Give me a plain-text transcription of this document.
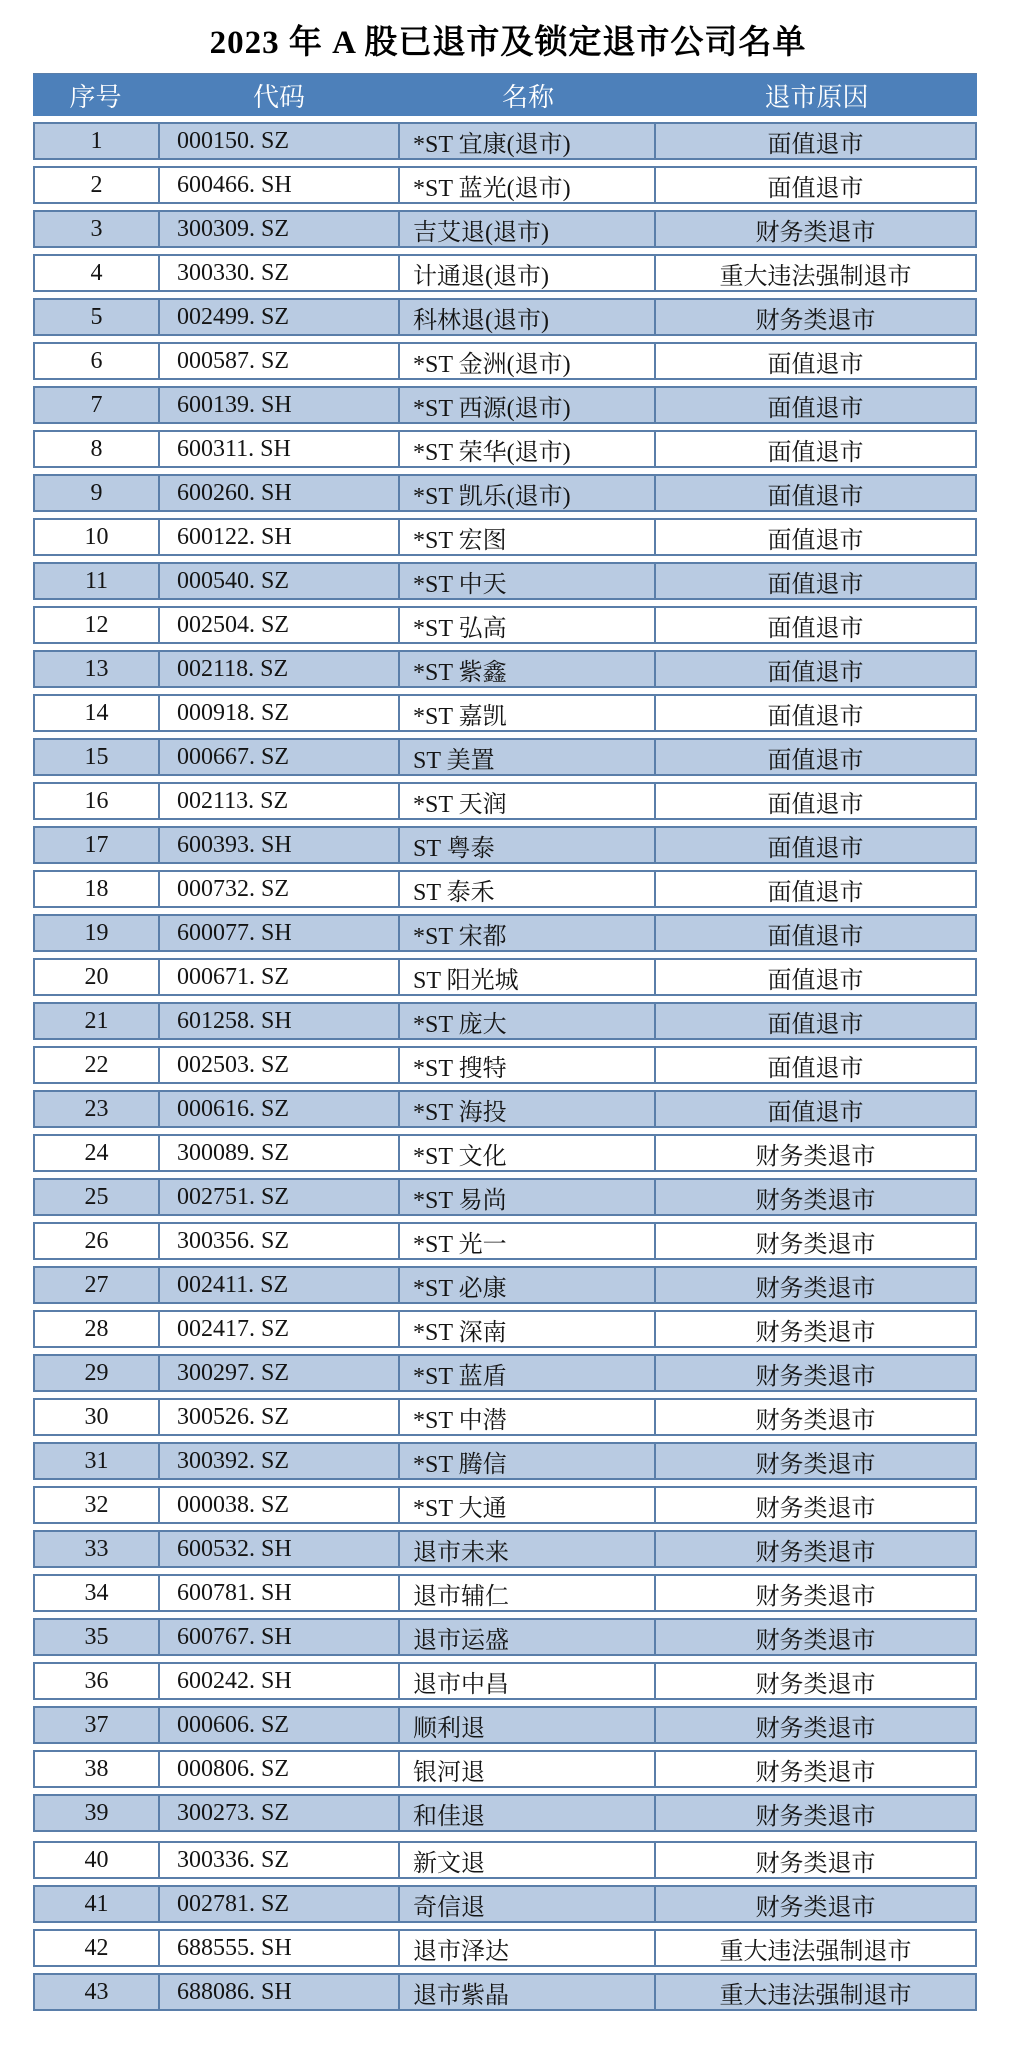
2023 年 A 股已退市及锁定退市公司名单
序号	代码	名称	退市原因
1	000150. SZ	*ST 宜康(退市)	面值退市
2	600466. SH	*ST 蓝光(退市)	面值退市
3	300309. SZ	吉艾退(退市)	财务类退市
4	300330. SZ	计通退(退市)	重大违法强制退市
5	002499. SZ	科林退(退市)	财务类退市
6	000587. SZ	*ST 金洲(退市)	面值退市
7	600139. SH	*ST 西源(退市)	面值退市
8	600311. SH	*ST 荣华(退市)	面值退市
9	600260. SH	*ST 凯乐(退市)	面值退市
10	600122. SH	*ST 宏图	面值退市
11	000540. SZ	*ST 中天	面值退市
12	002504. SZ	*ST 弘高	面值退市
13	002118. SZ	*ST 紫鑫	面值退市
14	000918. SZ	*ST 嘉凯	面值退市
15	000667. SZ	ST 美置	面值退市
16	002113. SZ	*ST 天润	面值退市
17	600393. SH	ST 粤泰	面值退市
18	000732. SZ	ST 泰禾	面值退市
19	600077. SH	*ST 宋都	面值退市
20	000671. SZ	ST 阳光城	面值退市
21	601258. SH	*ST 庞大	面值退市
22	002503. SZ	*ST 搜特	面值退市
23	000616. SZ	*ST 海投	面值退市
24	300089. SZ	*ST 文化	财务类退市
25	002751. SZ	*ST 易尚	财务类退市
26	300356. SZ	*ST 光一	财务类退市
27	002411. SZ	*ST 必康	财务类退市
28	002417. SZ	*ST 深南	财务类退市
29	300297. SZ	*ST 蓝盾	财务类退市
30	300526. SZ	*ST 中潜	财务类退市
31	300392. SZ	*ST 腾信	财务类退市
32	000038. SZ	*ST 大通	财务类退市
33	600532. SH	退市未来	财务类退市
34	600781. SH	退市辅仁	财务类退市
35	600767. SH	退市运盛	财务类退市
36	600242. SH	退市中昌	财务类退市
37	000606. SZ	顺利退	财务类退市
38	000806. SZ	银河退	财务类退市
39	300273. SZ	和佳退	财务类退市
40	300336. SZ	新文退	财务类退市
41	002781. SZ	奇信退	财务类退市
42	688555. SH	退市泽达	重大违法强制退市
43	688086. SH	退市紫晶	重大违法强制退市
